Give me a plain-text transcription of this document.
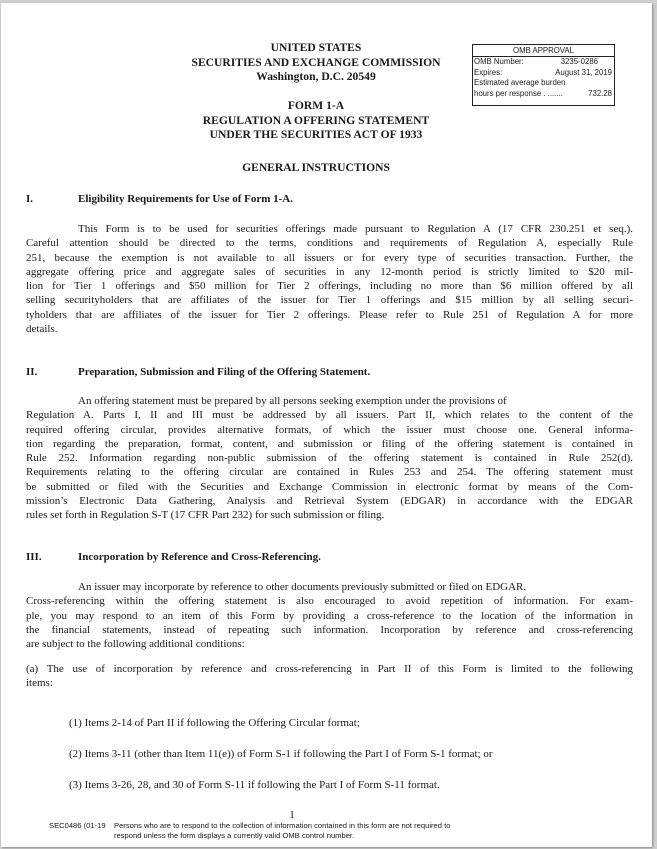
UNITED STATES
SECURITIES AND EXCHANGE COMMISSION
Washington, D.C. 20549
FORM 1-A
REGULATION A OFFERING STATEMENT
UNDER THE SECURITIES ACT OF 1933
GENERAL INSTRUCTIONS
OMB APPROVAL
OMB Number:	3235-0286
Expires:	August 31, 2019
Estimated average burden
hours per response . .......	732.28
I.	Eligibility Requirements for Use of Form 1-A.
This Form is to be used for securities offerings made pursuant to Regulation A (17 CFR 230.251 et seq.).
Careful attention should be directed to the terms, conditions and requirements of Regulation A, especially Rule
251, because the exemption is not available to all issuers or for every type of securities transaction. Further, the
aggregate offering price and aggregate sales of securities in any 12-month period is strictly limited to $20 mil-
lion for Tier 1 offerings and $50 million for Tier 2 offerings, including no more than $6 million offered by all
selling securityholders that are affiliates of the issuer for Tier 1 offerings and $15 million by all selling securi-
tyholders that are affiliates of the issuer for Tier 2 offerings. Please refer to Rule 251 of Regulation A for more
details.
II.	Preparation, Submission and Filing of the Offering Statement.
An offering statement must be prepared by all persons seeking exemption under the provisions of
Regulation A. Parts I, II and III must be addressed by all issuers. Part II, which relates to the content of the
required offering circular, provides alternative formats, of which the issuer must choose one. General informa-
tion regarding the preparation, format, content, and submission or filing of the offering statement is contained in
Rule 252. Information regarding non-public submission of the offering statement is contained in Rule 252(d).
Requirements relating to the offering circular are contained in Rules 253 and 254. The offering statement must
be submitted or filed with the Securities and Exchange Commission in electronic format by means of the Com-
mission’s Electronic Data Gathering, Analysis and Retrieval System (EDGAR) in accordance with the EDGAR
rules set forth in Regulation S-T (17 CFR Part 232) for such submission or filing.
III.	Incorporation by Reference and Cross-Referencing.
An issuer may incorporate by reference to other documents previously submitted or filed on EDGAR.
Cross-referencing within the offering statement is also encouraged to avoid repetition of information. For exam-
ple, you may respond to an item of this Form by providing a cross-reference to the location of the information in
the financial statements, instead of repeating such information. Incorporation by reference and cross-referencing
are subject to the following additional conditions:
(a) The use of incorporation by reference and cross-referencing in Part II of this Form is limited to the following
items:
(1) Items 2-14 of Part II if following the Offering Circular format;
(2) Items 3-11 (other than Item 11(e)) of Form S-1 if following the Part I of Form S-1 format; or
(3) Items 3-26, 28, and 30 of Form S-11 if following the Part I of Form S-11 format.
1
SEC0486 (01-19 Persons who are to respond to the collection of information contained in this form are not required to
respond unless the form displays a currently valid OMB control number.
